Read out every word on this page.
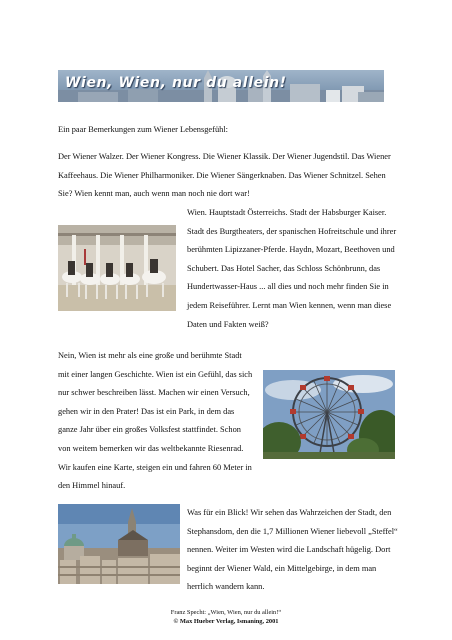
Wien, Wien, nur du allein!

Ein paar Bemerkungen zum Wiener Lebensgefühl:

Der Wiener Walzer. Der Wiener Kongress. Die Wiener Klassik. Der Wiener Jugendstil. Das Wiener Kaffeehaus. Die Wiener Philharmoniker. Die Wiener Sängerknaben. Das Wiener Schnitzel. Sehen Sie? Wien kennt man, auch wenn man noch nie dort war!

Wien. Hauptstadt Österreichs. Stadt der Habsburger Kaiser. Stadt des Burgtheaters, der spanischen Hofreitschule und ihrer berühmten Lipizzaner-Pferde. Haydn, Mozart, Beethoven und Schubert. Das Hotel Sacher, das Schloss Schönbrunn, das Hundertwasser-Haus ... all dies und noch mehr finden Sie in jedem Reiseführer. Lernt man Wien kennen, wenn man diese Daten und Fakten weiß?

Nein, Wien ist mehr als eine große und berühmte Stadt mit einer langen Geschichte. Wien ist ein Gefühl, das sich nur schwer beschreiben lässt. Machen wir einen Versuch, gehen wir in den Prater! Das ist ein Park, in dem das ganze Jahr über ein großes Volksfest stattfindet. Schon von weitem bemerken wir das weltbekannte Riesenrad. Wir kaufen eine Karte, steigen ein und fahren 60 Meter in den Himmel hinauf.

Was für ein Blick! Wir sehen das Wahrzeichen der Stadt, den Stephansdom, den die 1,7 Millionen Wiener liebevoll „Steffel“ nennen. Weiter im Westen wird die Landschaft hügelig. Dort beginnt der Wiener Wald, ein Mittelgebirge, in dem man herrlich wandern kann.

Franz Specht: „Wien, Wien, nur du allein!“
© Max Hueber Verlag, Ismaning, 2001
